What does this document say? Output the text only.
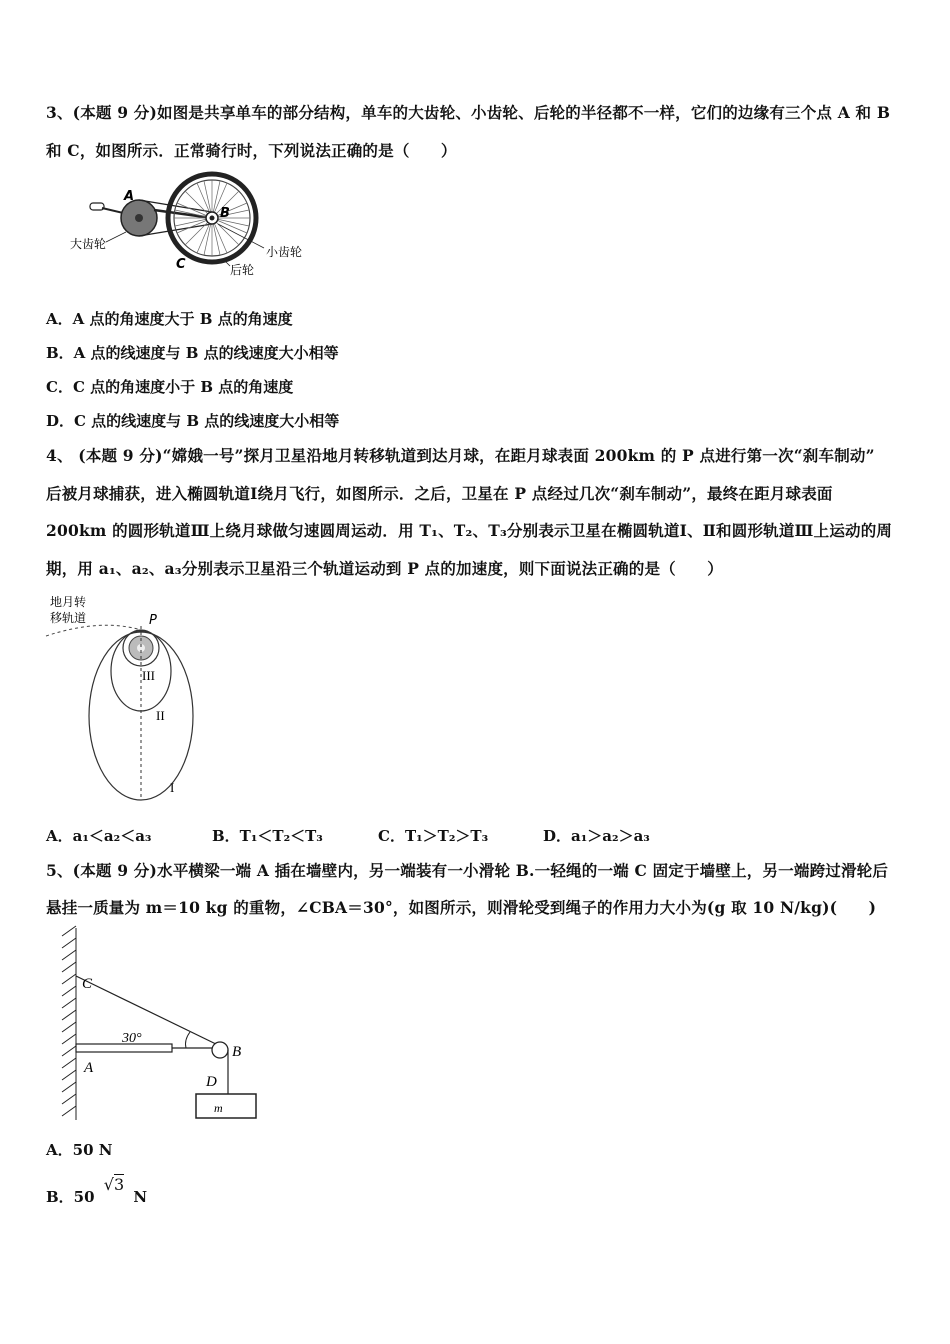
3、(本题 9 分)如图是共享单车的部分结构，单车的大齿轮、小齿轮、后轮的半径都不一样，它们的边缘有三个点 A 和 B
和 C，如图所示．正常骑行时，下列说法正确的是（　　）
A
B
C
大齿轮
小齿轮
后轮
A．A 点的角速度大于 B 点的角速度
B．A 点的线速度与 B 点的线速度大小相等
C．C 点的角速度小于 B 点的角速度
D．C 点的线速度与 B 点的线速度大小相等
4、 (本题 9 分)“嫦娥一号”探月卫星沿地月转移轨道到达月球，在距月球表面 200km 的 P 点进行第一次“刹车制动”
后被月球捕获，进入椭圆轨道Ⅰ绕月飞行，如图所示．之后，卫星在 P 点经过几次“刹车制动”，最终在距月球表面
200km 的圆形轨道Ⅲ上绕月球做匀速圆周运动．用 T₁、T₂、T₃分别表示卫星在椭圆轨道Ⅰ、Ⅱ和圆形轨道Ⅲ上运动的周
期，用 a₁、a₂、a₃分别表示卫星沿三个轨道运动到 P 点的加速度，则下面说法正确的是（　　）
地月转
移轨道	P
III
II
I
A．a₁＜a₂＜a₃	B．T₁＜T₂＜T₃	C．T₁＞T₂＞T₃	D．a₁＞a₂＞a₃
5、(本题 9 分)水平横梁一端 A 插在墙壁内，另一端装有一小滑轮 B.一轻绳的一端 C 固定于墙壁上，另一端跨过滑轮后
悬挂一质量为 m＝10 kg 的重物，∠CBA＝30°，如图所示，则滑轮受到绳子的作用力大小为(g 取 10 N/kg)(　　)
C
A
B
D
30°
m
A．50 N
B．50 √3 N
